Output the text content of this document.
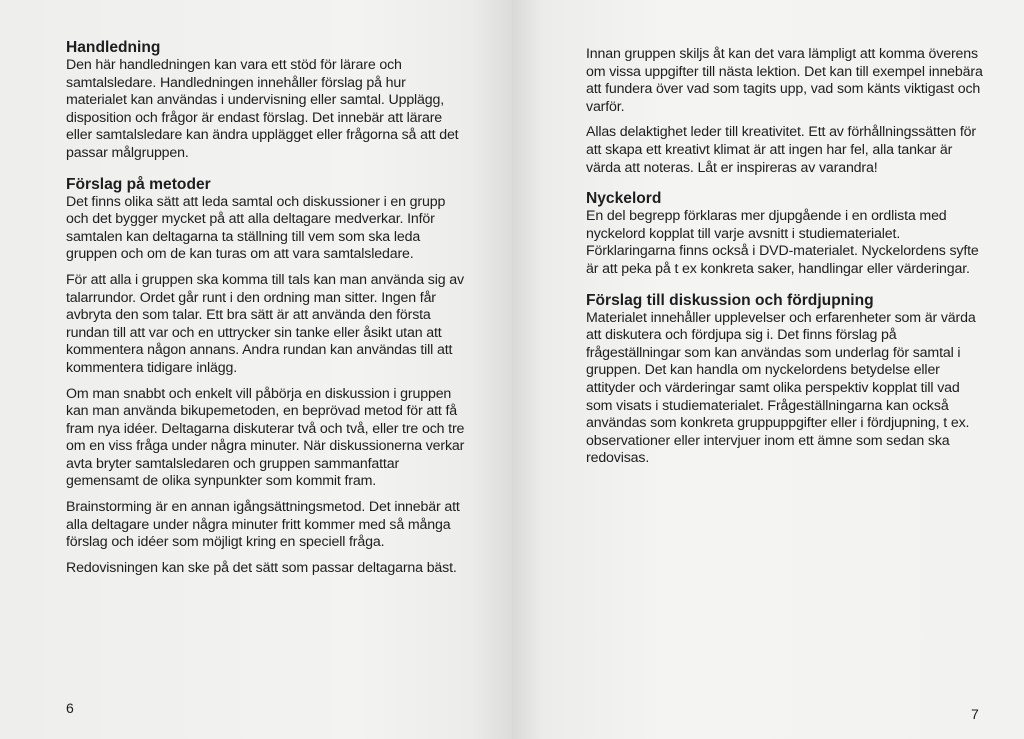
Handledning

Den här handledningen kan vara ett stöd för lärare och samtalsledare. Handledningen innehåller förslag på hur materialet kan användas i undervisning eller samtal. Upplägg, disposition och frågor är endast förslag. Det innebär att lärare eller samtalsledare kan ändra upplägget eller frågorna så att det passar målgruppen.

Förslag på metoder

Det finns olika sätt att leda samtal och diskussioner i en grupp och det bygger mycket på att alla deltagare medverkar. Inför samtalen kan deltagarna ta ställning till vem som ska leda gruppen och om de kan turas om att vara samtalsledare.

För att alla i gruppen ska komma till tals kan man använda sig av talarrundor. Ordet går runt i den ordning man sitter. Ingen får avbryta den som talar. Ett bra sätt är att använda den första rundan till att var och en uttrycker sin tanke eller åsikt utan att kommentera någon annans. Andra rundan kan användas till att kommentera tidigare inlägg.

Om man snabbt och enkelt vill påbörja en diskussion i gruppen kan man använda bikupemetoden, en beprövad metod för att få fram nya idéer. Deltagarna diskuterar två och två, eller tre och tre om en viss fråga under några minuter. När diskussionerna verkar avta bryter samtalsledaren och gruppen sammanfattar gemensamt de olika synpunkter som kommit fram.

Brainstorming är en annan igångsättningsmetod. Det innebär att alla deltagare under några minuter fritt kommer med så många förslag och idéer som möjligt kring en speciell fråga.

Redovisningen kan ske på det sätt som passar deltagarna bäst.

6

Innan gruppen skiljs åt kan det vara lämpligt att komma överens om vissa uppgifter till nästa lektion. Det kan till exempel innebära att fundera över vad som tagits upp, vad som känts viktigast och varför.

Allas delaktighet leder till kreativitet. Ett av förhållningssätten för att skapa ett kreativt klimat är att ingen har fel, alla tankar är värda att noteras. Låt er inspireras av varandra!

Nyckelord

En del begrepp förklaras mer djupgående i en ordlista med nyckelord kopplat till varje avsnitt i studiematerialet. Förklaringarna finns också i DVD-materialet. Nyckelordens syfte är att peka på t ex konkreta saker, handlingar eller värderingar.

Förslag till diskussion och fördjupning

Materialet innehåller upplevelser och erfarenheter som är värda att diskutera och fördjupa sig i. Det finns förslag på frågeställningar som kan användas som underlag för samtal i gruppen. Det kan handla om nyckelordens betydelse eller attityder och värderingar samt olika perspektiv kopplat till vad som visats i studiematerialet. Frågeställningarna kan också användas som konkreta gruppuppgifter eller i fördjupning, t ex. observationer eller intervjuer inom ett ämne som sedan ska redovisas.

7
